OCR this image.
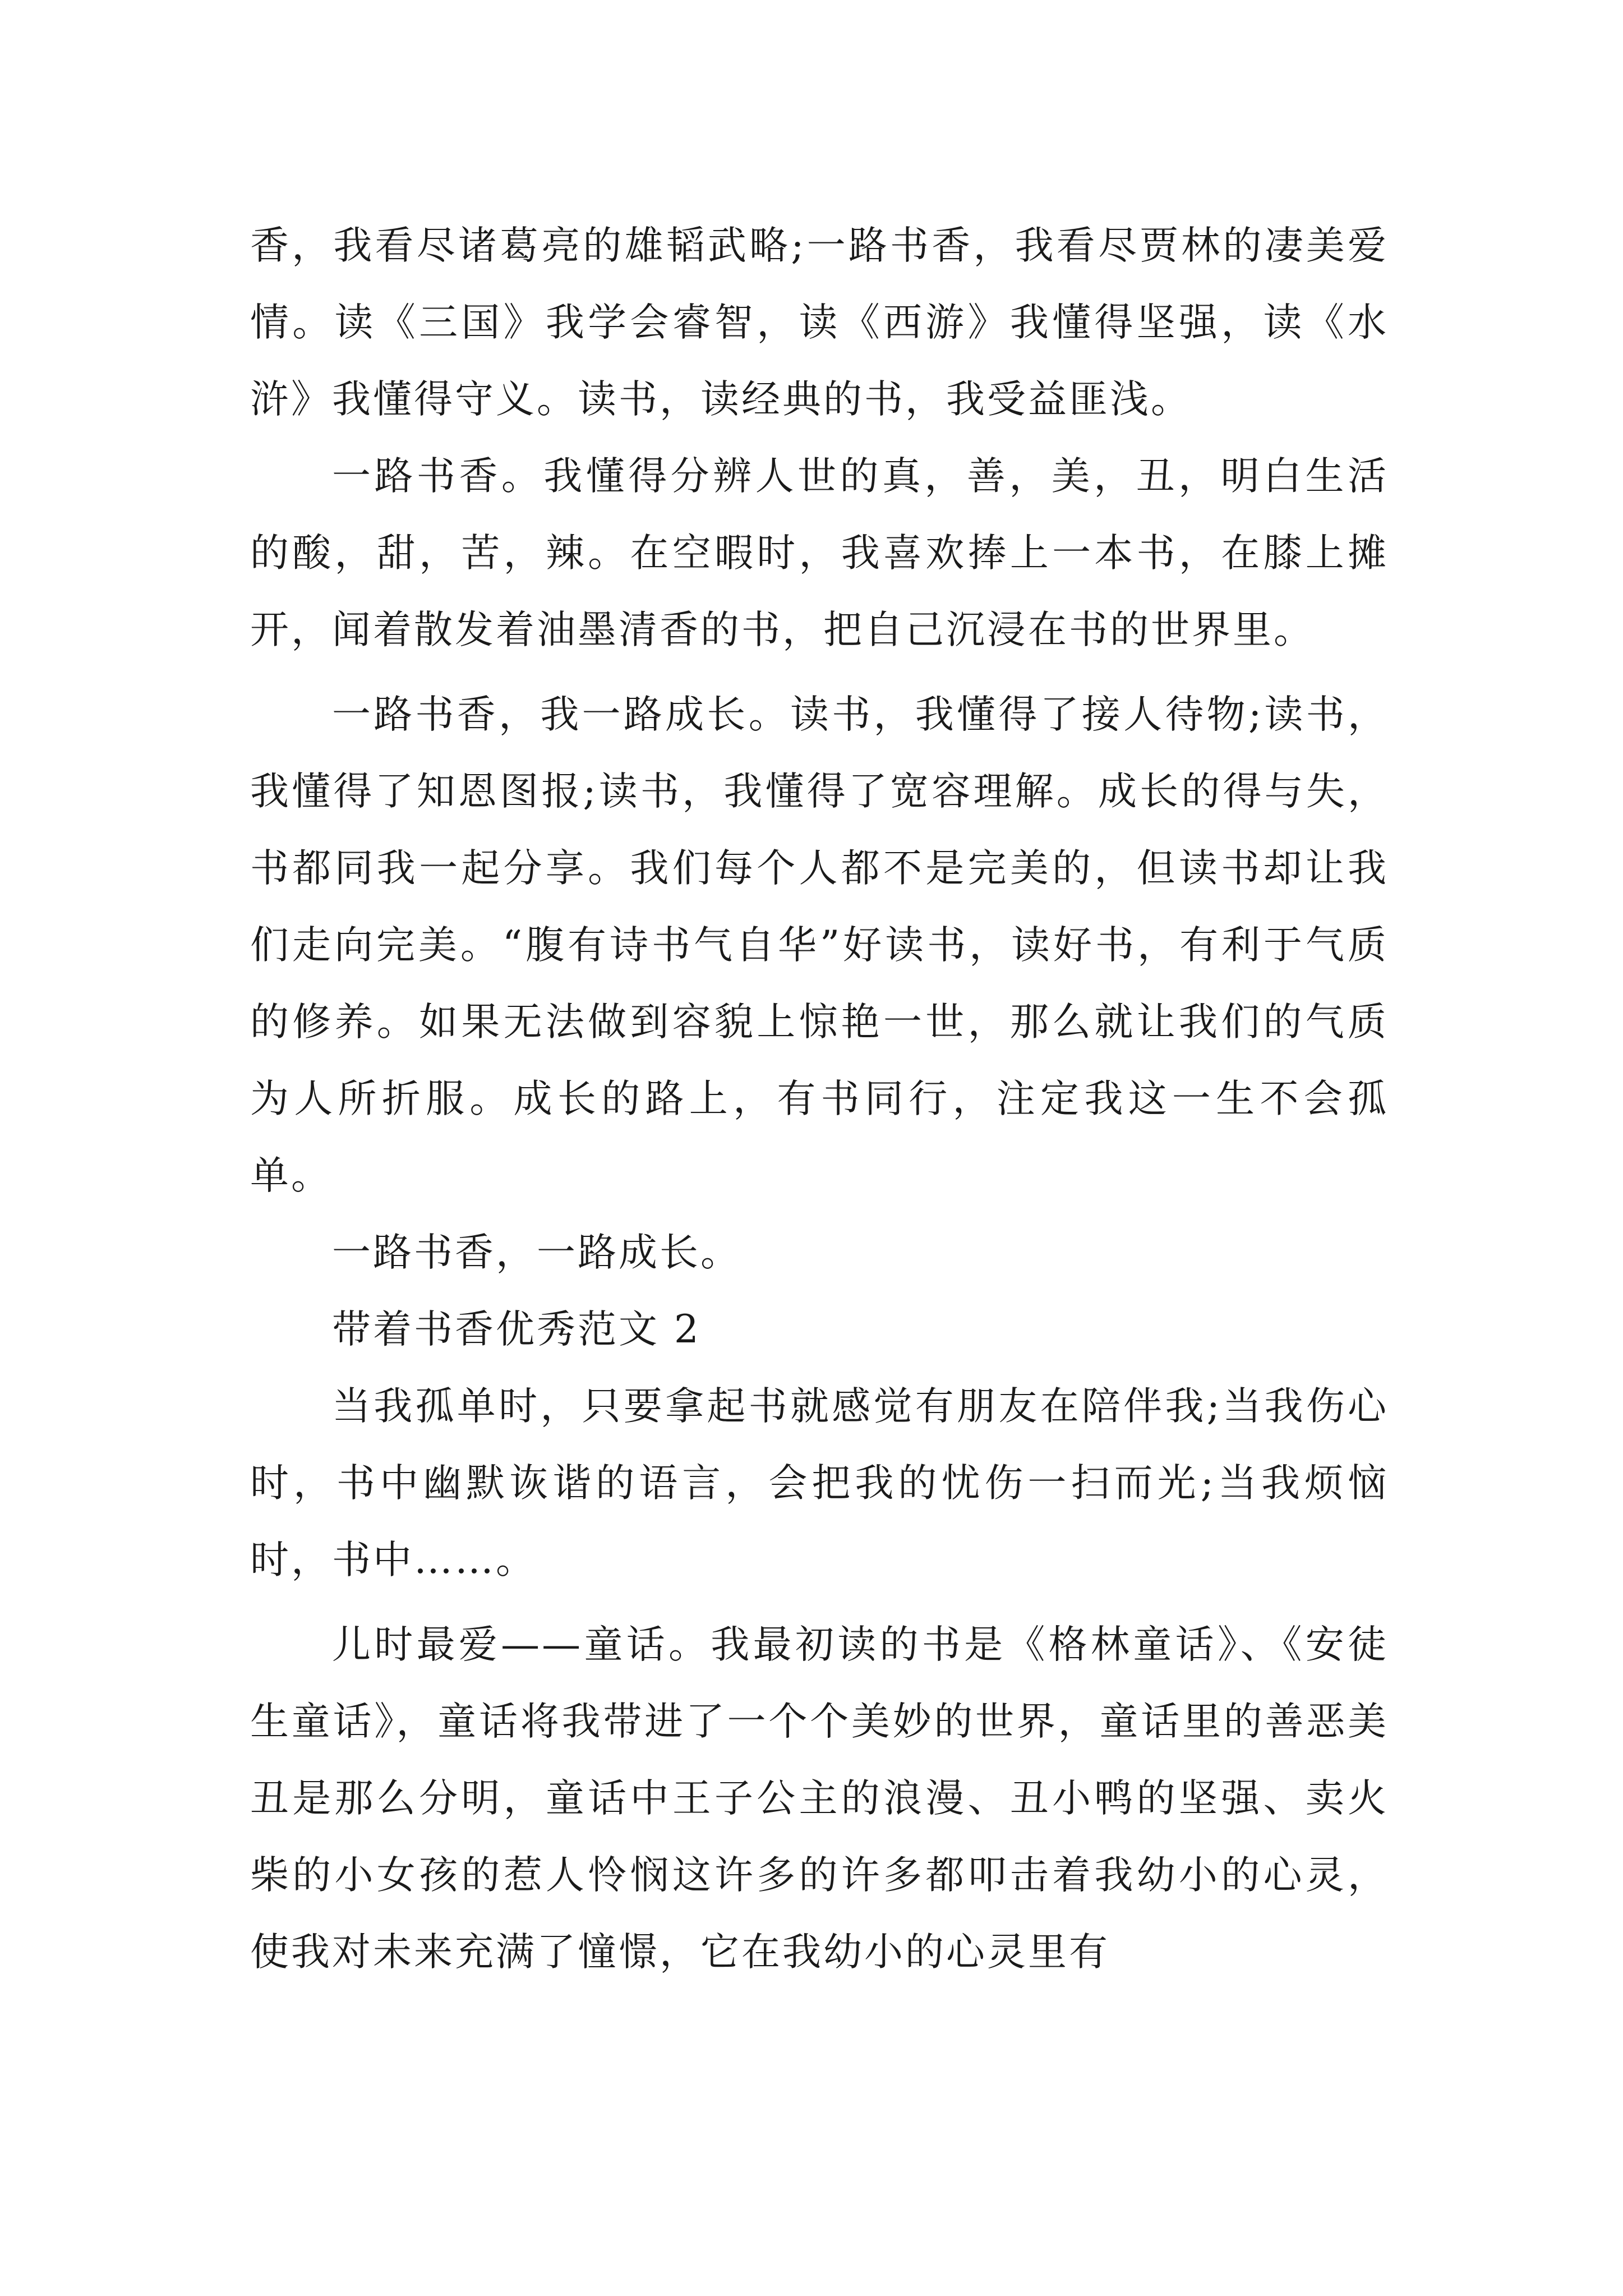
香，我看尽诸葛亮的雄韬武略;一路书香，我看尽贾林的凄美爱情。读《三国》我学会睿智，读《西游》我懂得坚强，读《水浒》我懂得守义。读书，读经典的书，我受益匪浅。

一路书香。我懂得分辨人世的真，善，美，丑，明白生活的酸，甜，苦，辣。在空暇时，我喜欢捧上一本书，在膝上摊开，闻着散发着油墨清香的书，把自己沉浸在书的世界里。

一路书香，我一路成长。读书，我懂得了接人待物;读书，我懂得了知恩图报;读书，我懂得了宽容理解。成长的得与失，书都同我一起分享。我们每个人都不是完美的，但读书却让我们走向完美。“腹有诗书气自华”好读书，读好书，有利于气质的修养。如果无法做到容貌上惊艳一世，那么就让我们的气质为人所折服。成长的路上，有书同行，注定我这一生不会孤单。

一路书香，一路成长。

带着书香优秀范文 2

当我孤单时，只要拿起书就感觉有朋友在陪伴我;当我伤心时，书中幽默诙谐的语言，会把我的忧伤一扫而光;当我烦恼时，书中……。

儿时最爱——童话。我最初读的书是《格林童话》、《安徒生童话》，童话将我带进了一个个美妙的世界，童话里的善恶美丑是那么分明，童话中王子公主的浪漫、丑小鸭的坚强、卖火柴的小女孩的惹人怜悯这许多的许多都叩击着我幼小的心灵，使我对未来充满了憧憬，它在我幼小的心灵里有
